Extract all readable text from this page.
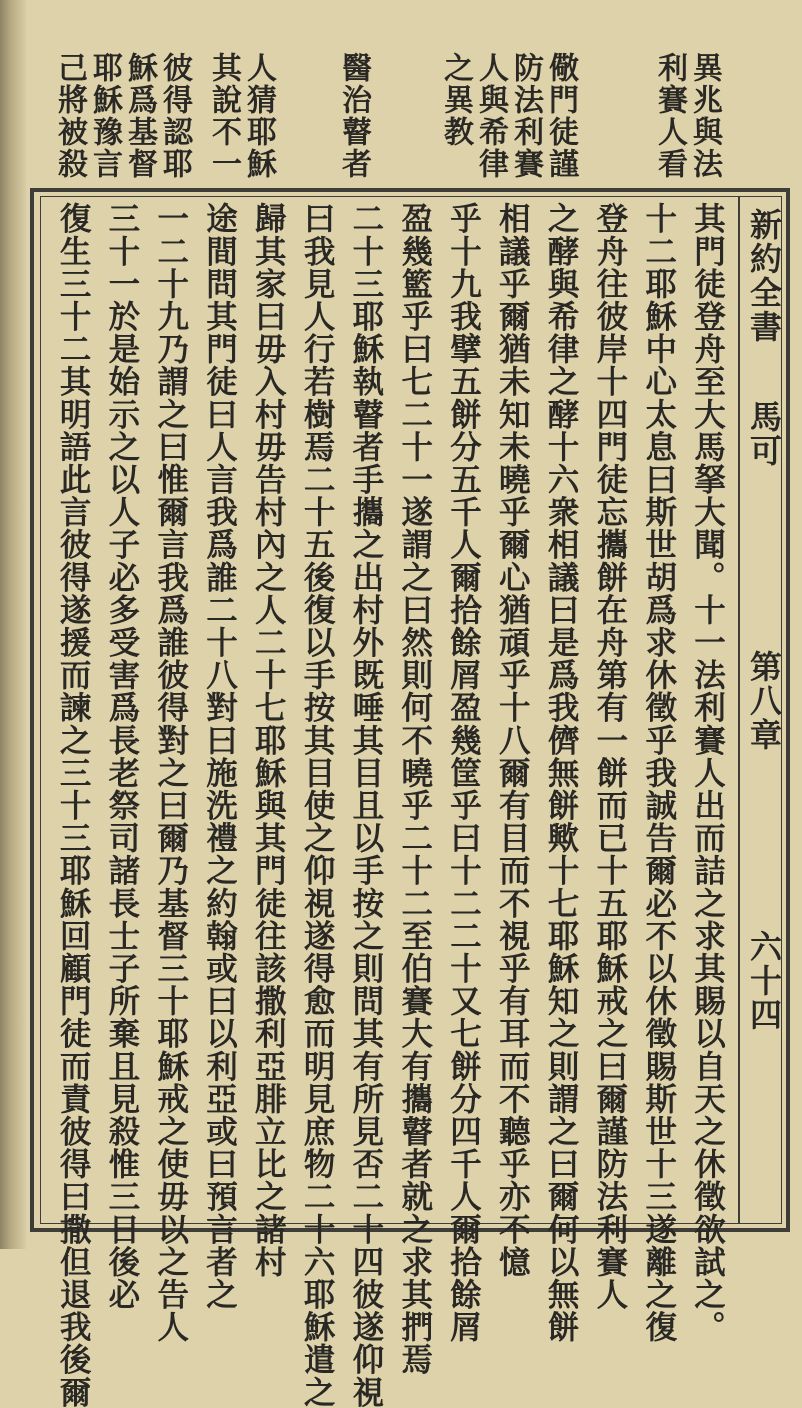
異兆與法
利賽人看
儆門徒謹
防法利賽
人與希律
之異教
醫治瞽者
人猜耶穌
其說不一
彼得認耶
穌爲基督
耶穌豫言
己將被殺
新約全書
馬可
第八章
六十四
其門徒登舟至大馬拏大聞。十一法利賽人出而詰之求其賜以自天之休徵欲試之。
十二耶穌中心太息曰斯世胡爲求休徵乎我誠告爾必不以休徵賜斯世十三遂離之復
登舟往彼岸十四門徒忘攜餅在舟第有一餅而已十五耶穌戒之曰爾謹防法利賽人
之酵與希律之酵十六衆相議曰是爲我儕無餅歟十七耶穌知之則謂之曰爾何以無餅
相議乎爾猶未知未曉乎爾心猶頑乎十八爾有目而不視乎有耳而不聽乎亦不憶
乎十九我擘五餅分五千人爾拾餘屑盈幾筐乎曰十二二十又七餅分四千人爾拾餘屑
盈幾籃乎曰七二十一遂謂之曰然則何不曉乎二十二至伯賽大有攜瞽者就之求其捫焉
二十三耶穌執瞽者手攜之出村外既唾其目且以手按之則問其有所見否二十四彼遂仰視
曰我見人行若樹焉二十五後復以手按其目使之仰視遂得愈而明見庶物二十六耶穌遣之
歸其家曰毋入村毋告村內之人二十七耶穌與其門徒往該撒利亞腓立比之諸村
途間問其門徒曰人言我爲誰二十八對曰施洗禮之約翰或曰以利亞或曰預言者之
一二十九乃謂之曰惟爾言我爲誰彼得對之曰爾乃基督三十耶穌戒之使毋以之告人
三十一於是始示之以人子必多受害爲長老祭司諸長士子所棄且見殺惟三日後必
復生三十二其明語此言彼得遂援而諫之三十三耶穌回顧門徒而責彼得曰撒但退我後爾
